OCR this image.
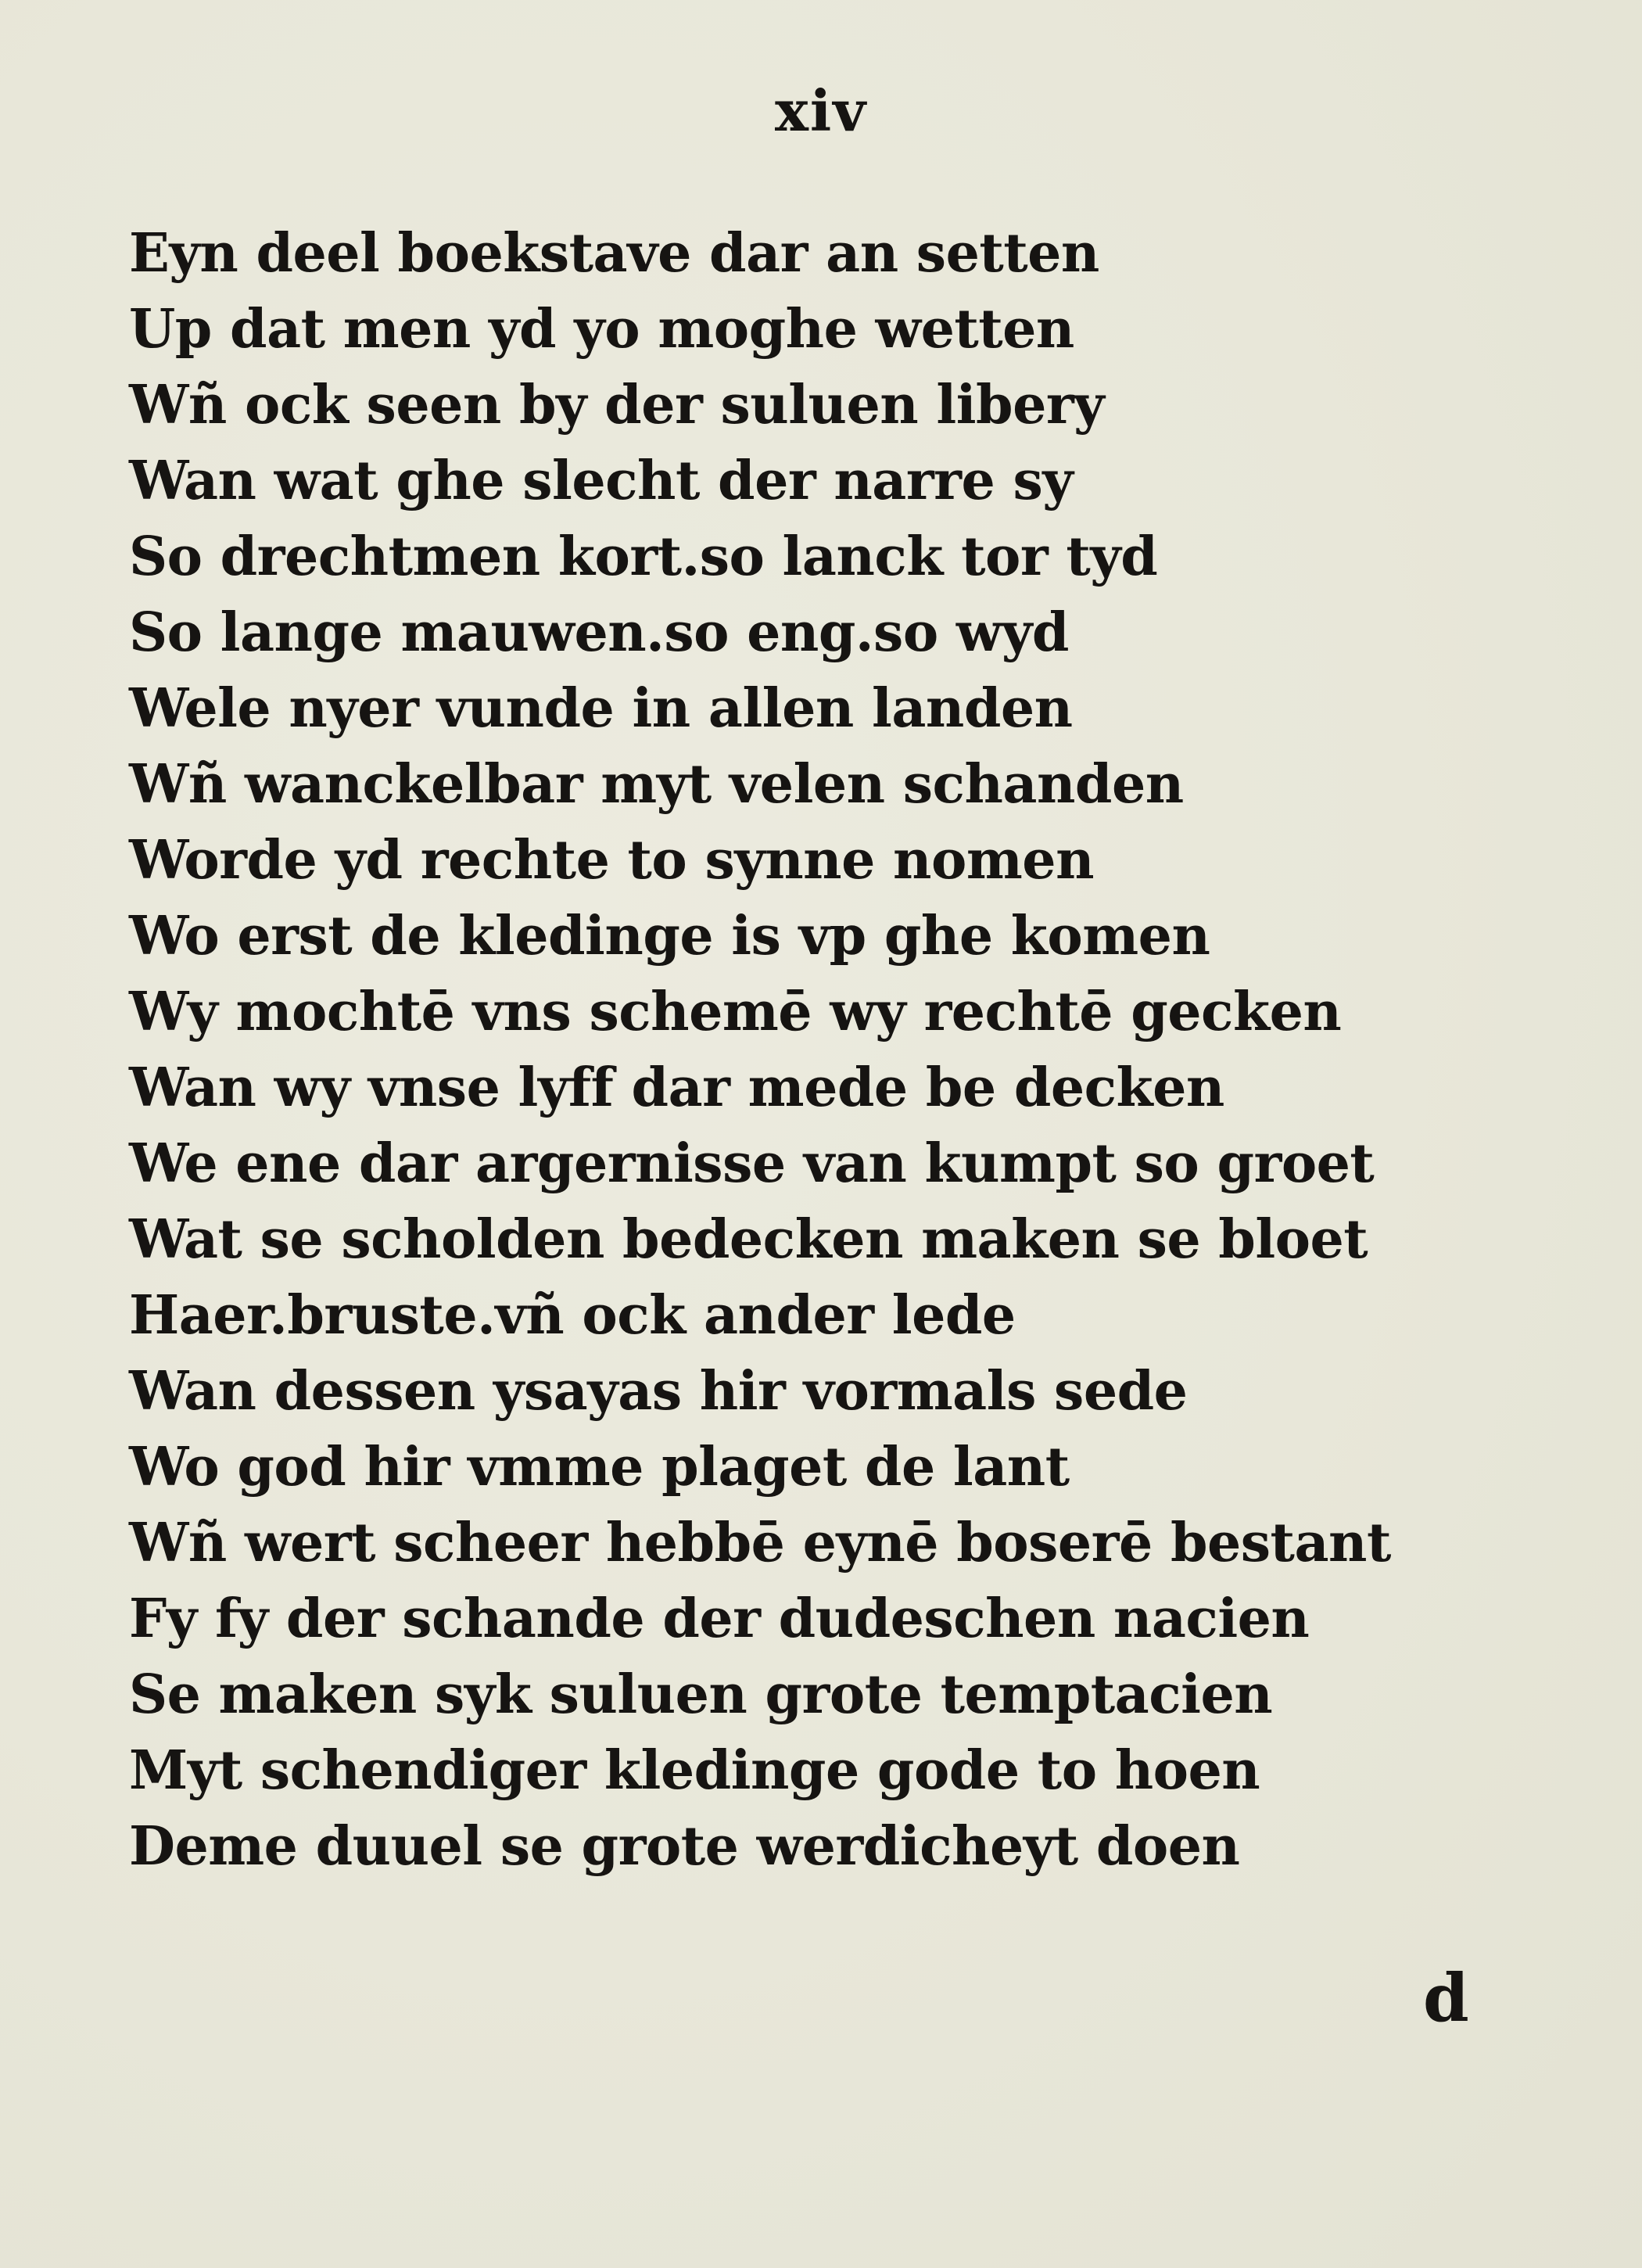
xiv
Eyn deel boekstave dar an setten
Up dat men yd yo moghe wetten
Wñ ock seen by der suluen libery
Wan wat ghe slecht der narre sy
So drechtmen kort.so lanck tor tyd
So lange mauwen.so eng.so wyd
Wele nyer vunde in allen landen
Wñ wanckelbar myt velen schanden
Worde yd rechte to synne nomen
Wo erst de kledinge is vp ghe komen
Wy mochtē vns schemē wy rechtē gecken
Wan wy vnse lyff dar mede be decken
We ene dar argernisse van kumpt so groet
Wat se scholden bedecken maken se bloet
Haer.bruste.vñ ock ander lede
Wan dessen ysayas hir vormals sede
Wo god hir vmme plaget de lant
Wñ wert scheer hebbē eynē boserē bestant
Fy fy der schande der dudeschen nacien
Se maken syk suluen grote temptacien
Myt schendiger kledinge gode to hoen
Deme duuel se grote werdicheyt doen
d
